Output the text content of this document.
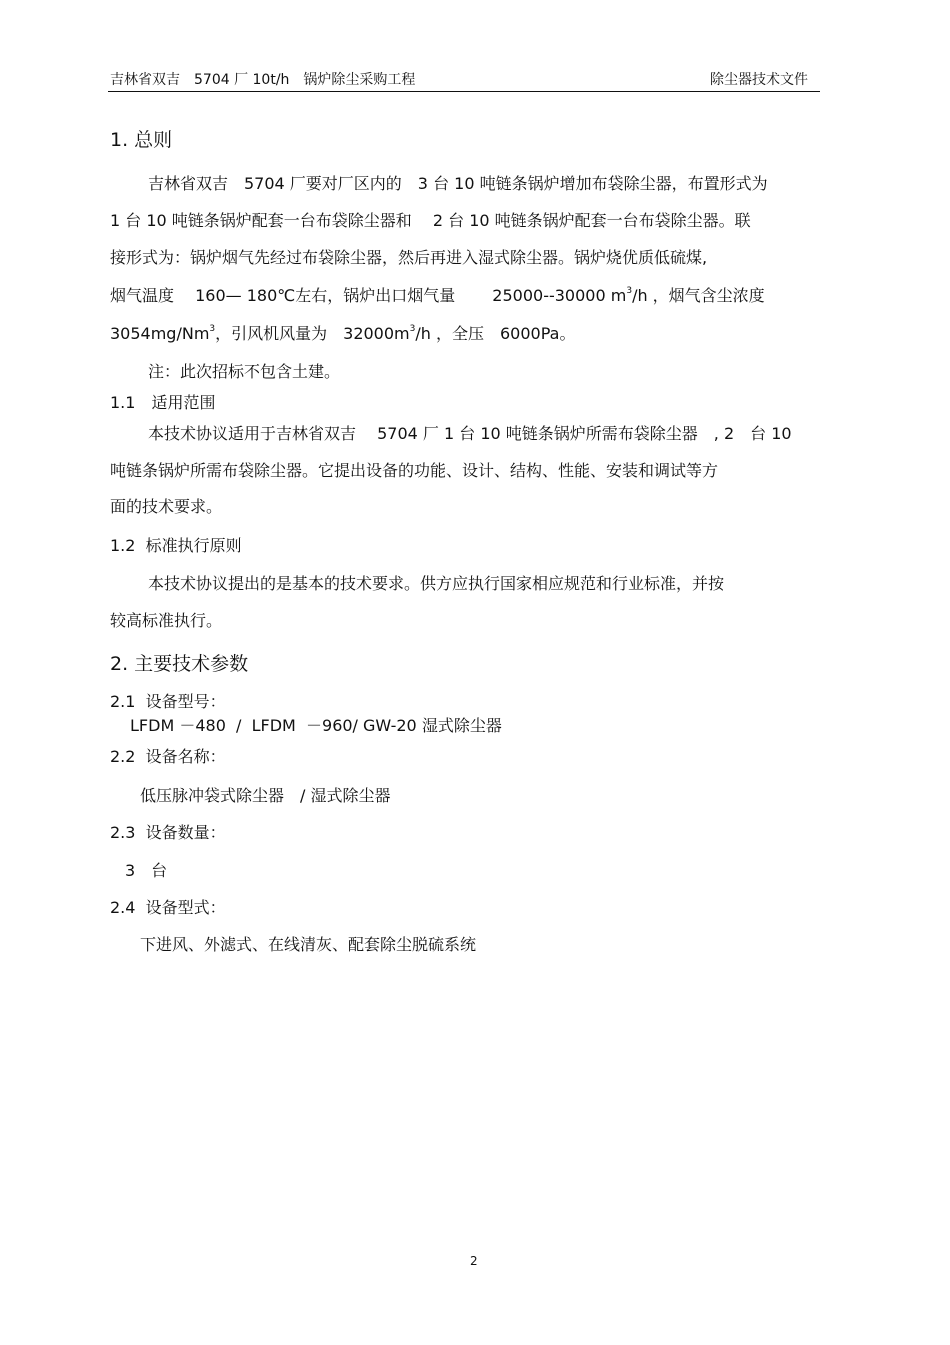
吉林省双吉　5704 厂 10t/h　锅炉除尘采购工程	除尘器技术文件
1. 总则
吉林省双吉　5704 厂要对厂区内的　3 台 10 吨链条锅炉增加布袋除尘器，布置形式为
1 台 10 吨链条锅炉配套一台布袋除尘器和　 2 台 10 吨链条锅炉配套一台布袋除尘器。联
接形式为：锅炉烟气先经过布袋除尘器，然后再进入湿式除尘器。锅炉烧优质低硫煤,
烟气温度　 160— 180℃左右，锅炉出口烟气量　　 25000--30000 $m^3/h$ ，烟气含尘浓度
3054mg/Nm$^3$，引风机风量为　$32000m^3/h$ ，全压　6000Pa。
注：此次招标不包含土建。
1.1　适用范围
本技术协议适用于吉林省双吉　 5704 厂 1 台 10 吨链条锅炉所需布袋除尘器　, 2　台 10
吨链条锅炉所需布袋除尘器。它提出设备的功能、设计、结构、性能、安装和调试等方
面的技术要求。
1.2  标准执行原则
本技术协议提出的是基本的技术要求。供方应执行国家相应规范和行业标准，并按
较高标准执行。
2. 主要技术参数
2.1  设备型号：
LFDM －480  /  LFDM  －960/ GW-20 湿式除尘器
2.2  设备名称：
低压脉冲袋式除尘器　/ 湿式除尘器
2.3  设备数量：
3　台
2.4  设备型式：
下进风、外滤式、在线清灰、配套除尘脱硫系统
2
